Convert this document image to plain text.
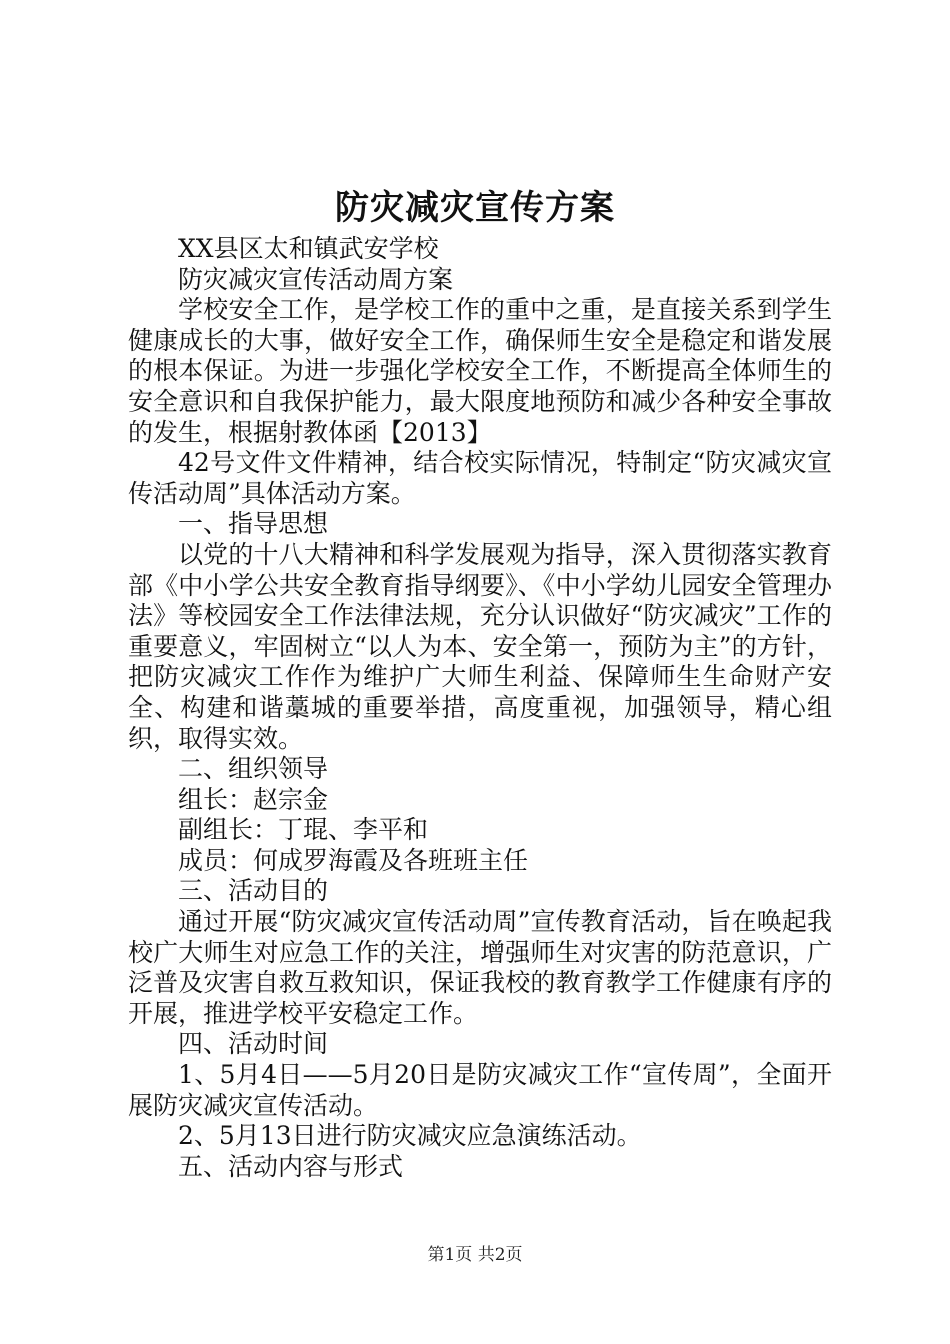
防灾减灾宣传方案

XX县区太和镇武安学校

防灾减灾宣传活动周方案

学校安全工作，是学校工作的重中之重，是直接关系到学生健康成长的大事，做好安全工作，确保师生安全是稳定和谐发展的根本保证。为进一步强化学校安全工作，不断提高全体师生的安全意识和自我保护能力，最大限度地预防和减少各种安全事故的发生，根据射教体函【2013】

42号文件文件精神，结合校实际情况，特制定“防灾减灾宣传活动周”具体活动方案。

一、指导思想

以党的十八大精神和科学发展观为指导，深入贯彻落实教育部《中小学公共安全教育指导纲要》、《中小学幼儿园安全管理办法》等校园安全工作法律法规，充分认识做好“防灾减灾”工作的重要意义，牢固树立“以人为本、安全第一，预防为主”的方针，把防灾减灾工作作为维护广大师生利益、保障师生生命财产安全、构建和谐藁城的重要举措，高度重视，加强领导，精心组织，取得实效。

二、组织领导

组长：赵宗金

副组长：丁琨、李平和

成员：何成罗海霞及各班班主任

三、活动目的

通过开展“防灾减灾宣传活动周”宣传教育活动，旨在唤起我校广大师生对应急工作的关注，增强师生对灾害的防范意识，广泛普及灾害自救互救知识，保证我校的教育教学工作健康有序的开展，推进学校平安稳定工作。

四、活动时间

1、5月4日——5月20日是防灾减灾工作“宣传周”，全面开展防灾减灾宣传活动。

2、5月13日进行防灾减灾应急演练活动。

五、活动内容与形式

第1页 共2页
